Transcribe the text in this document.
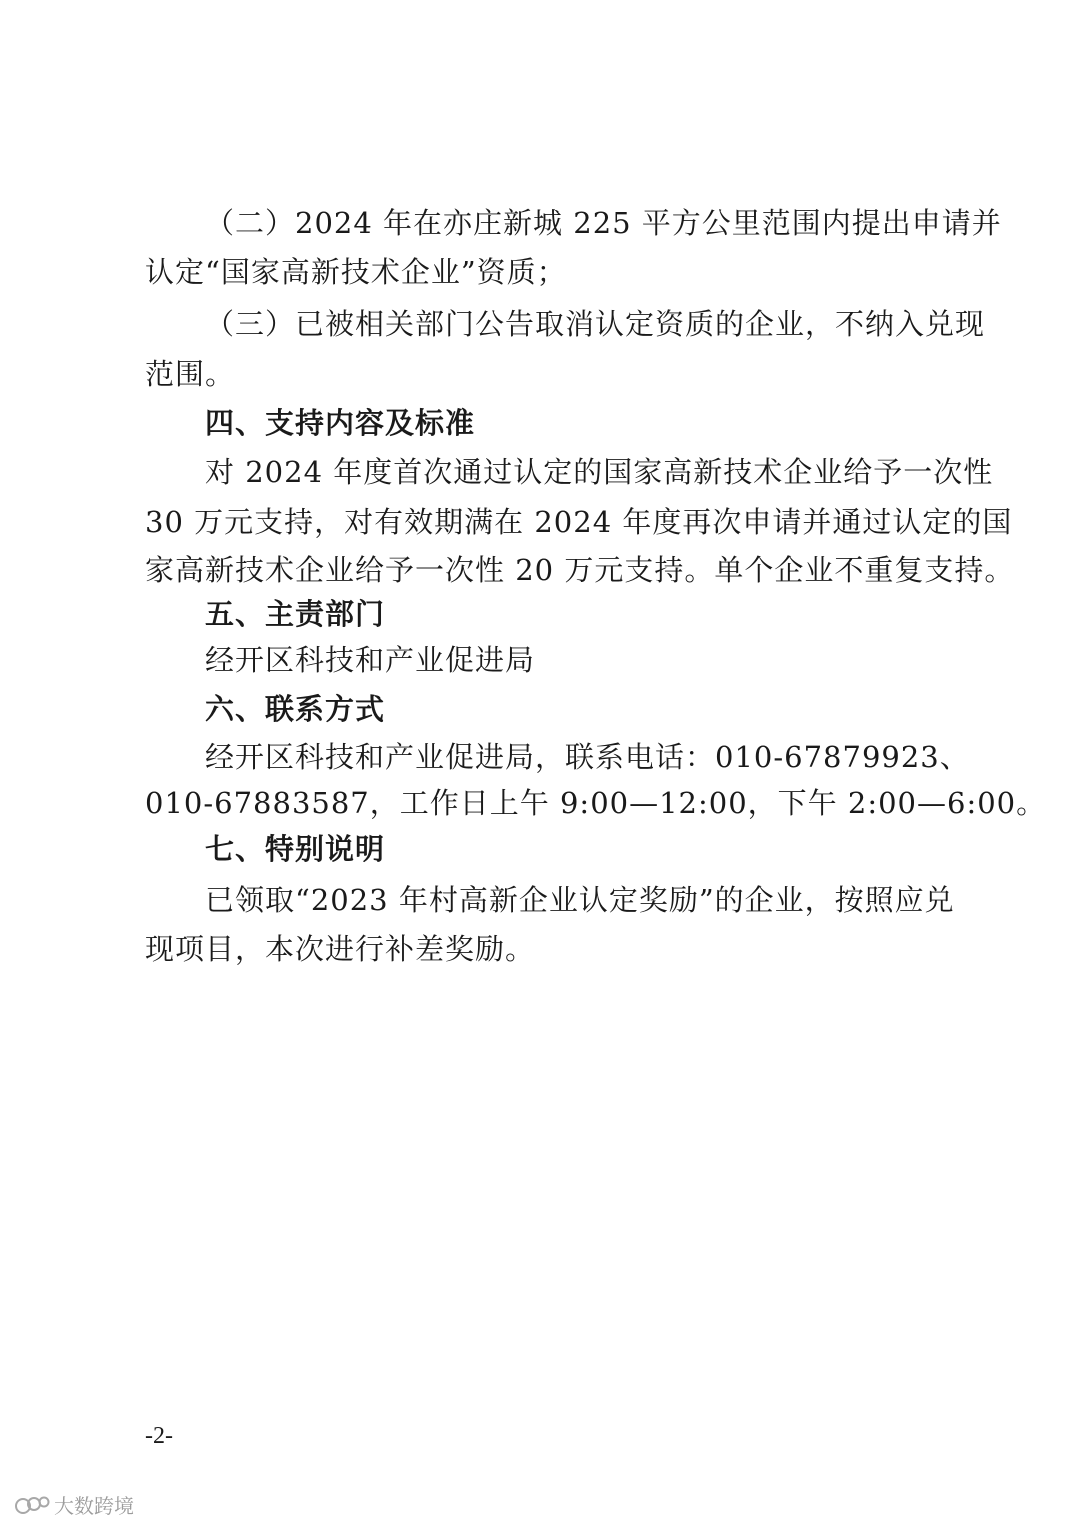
（二）2024 年在亦庄新城 225 平方公里范围内提出申请并
认定“国家高新技术企业”资质；
（三）已被相关部门公告取消认定资质的企业，不纳入兑现
范围。
四、支持内容及标准
对 2024 年度首次通过认定的国家高新技术企业给予一次性
30 万元支持，对有效期满在 2024 年度再次申请并通过认定的国
家高新技术企业给予一次性 20 万元支持。单个企业不重复支持。
五、主责部门
经开区科技和产业促进局
六、联系方式
经开区科技和产业促进局，联系电话：010-67879923、
010-67883587，工作日上午 9:00—12:00，下午 2:00—6:00。
七、特别说明
已领取“2023 年村高新企业认定奖励”的企业，按照应兑
现项目，本次进行补差奖励。
-2-
大数跨境
